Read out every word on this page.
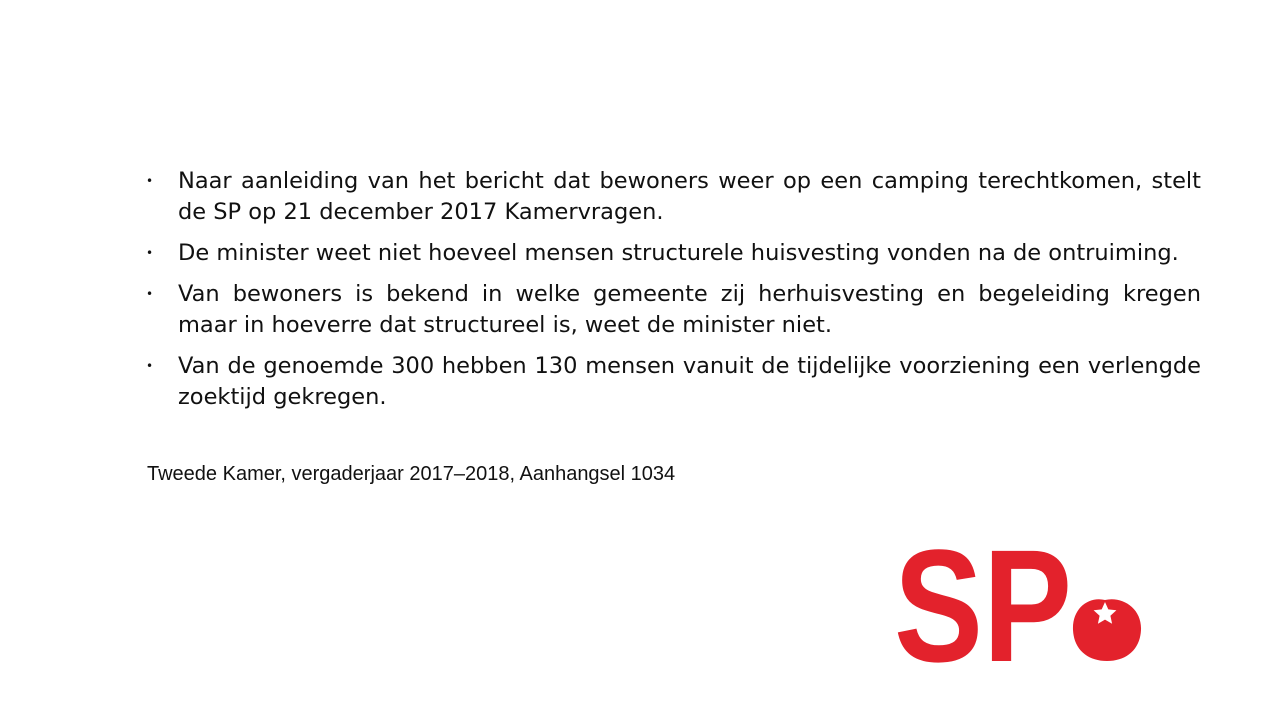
• Naar aanleiding van het bericht dat bewoners weer op een camping terechtkomen, stelt de SP op 21 december 2017 Kamervragen.
• De minister weet niet hoeveel mensen structurele huisvesting vonden na de ontruiming.
• Van bewoners is bekend in welke gemeente zij herhuisvesting en begeleiding kregen maar in hoeverre dat structureel is, weet de minister niet.
• Van de genoemde 300 hebben 130 mensen vanuit de tijdelijke voorziening een verlengde zoektijd gekregen.
Tweede Kamer, vergaderjaar 2017–2018, Aanhangsel 1034
SP
